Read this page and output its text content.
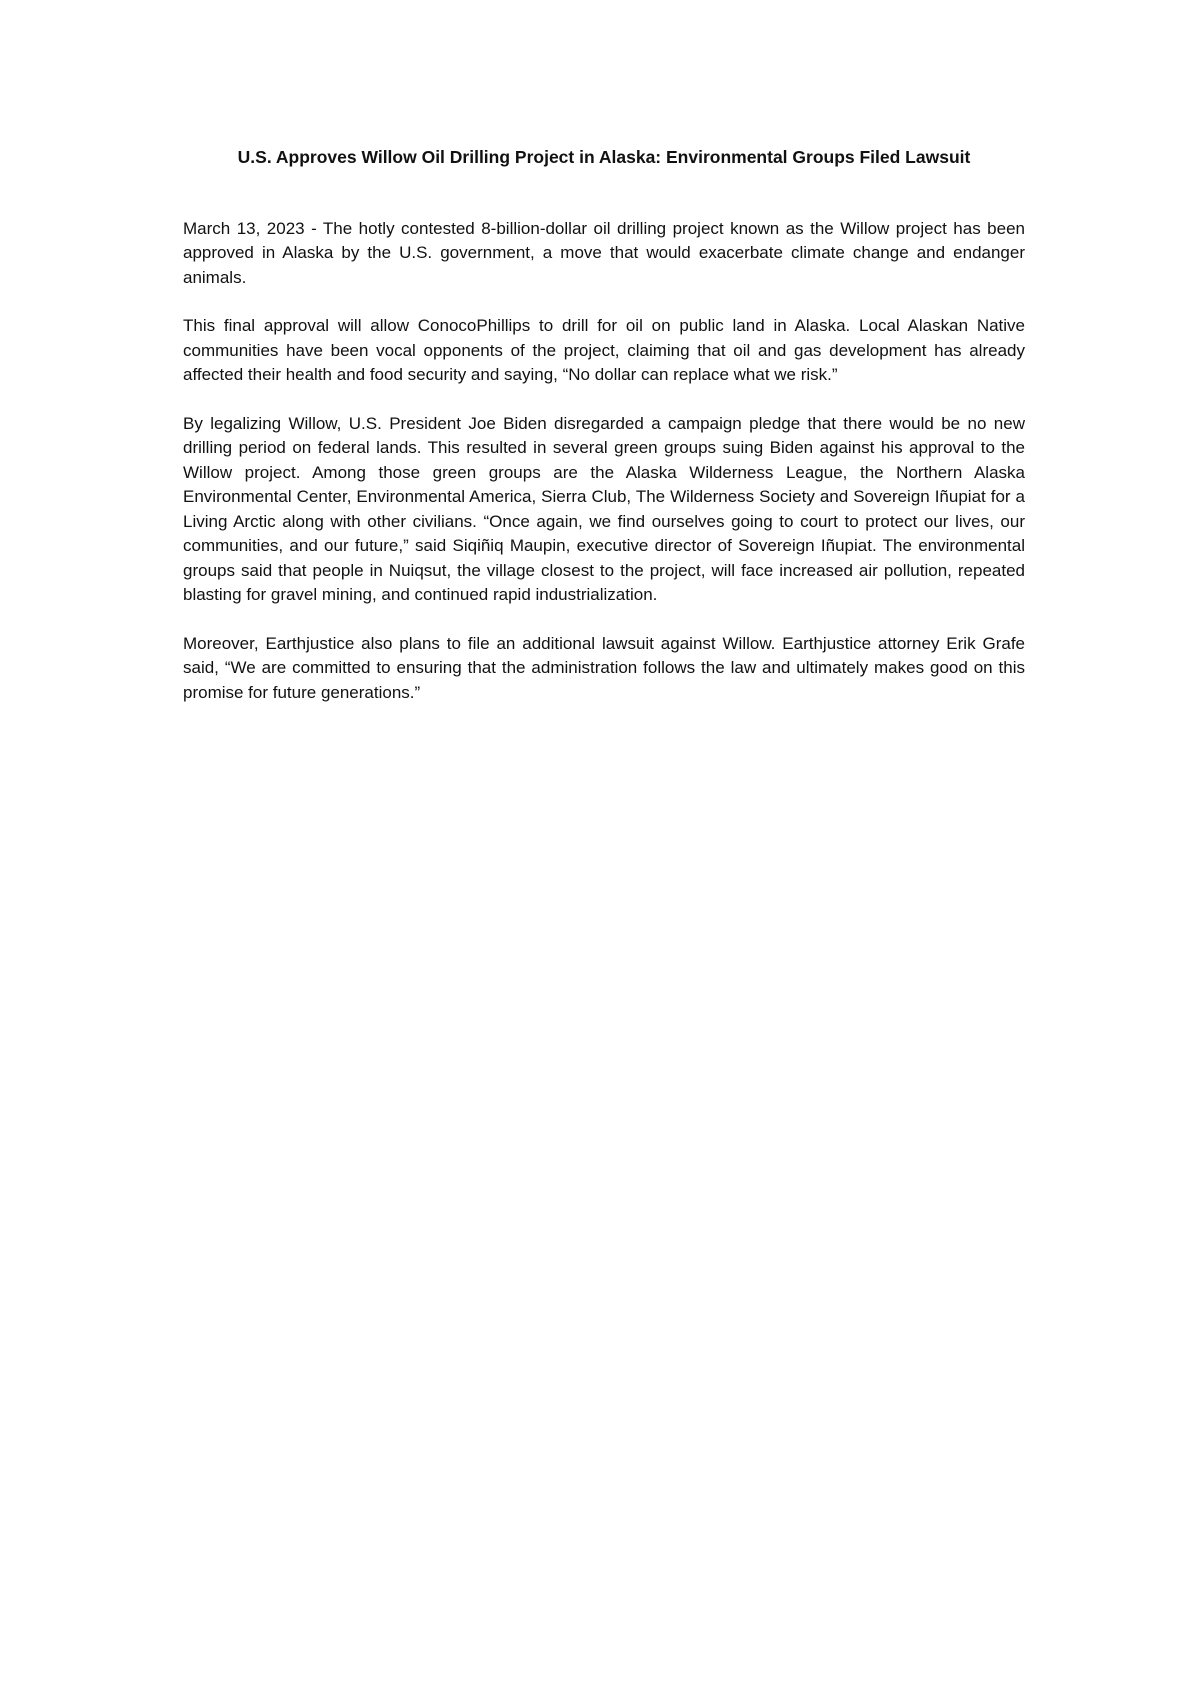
U.S. Approves Willow Oil Drilling Project in Alaska: Environmental Groups Filed Lawsuit

March 13, 2023 - The hotly contested 8-billion-dollar oil drilling project known as the Willow project has been approved in Alaska by the U.S. government, a move that would exacerbate climate change and endanger animals.

This final approval will allow ConocoPhillips to drill for oil on public land in Alaska. Local Alaskan Native communities have been vocal opponents of the project, claiming that oil and gas development has already affected their health and food security and saying, “No dollar can replace what we risk.”

By legalizing Willow, U.S. President Joe Biden disregarded a campaign pledge that there would be no new drilling period on federal lands. This resulted in several green groups suing Biden against his approval to the Willow project. Among those green groups are the Alaska Wilderness League, the Northern Alaska Environmental Center, Environmental America, Sierra Club, The Wilderness Society and Sovereign Iñupiat for a Living Arctic along with other civilians. “Once again, we find ourselves going to court to protect our lives, our communities, and our future,” said Siqiñiq Maupin, executive director of Sovereign Iñupiat. The environmental groups said that people in Nuiqsut, the village closest to the project, will face increased air pollution, repeated blasting for gravel mining, and continued rapid industrialization.

Moreover, Earthjustice also plans to file an additional lawsuit against Willow. Earthjustice attorney Erik Grafe said, “We are committed to ensuring that the administration follows the law and ultimately makes good on this promise for future generations.”
